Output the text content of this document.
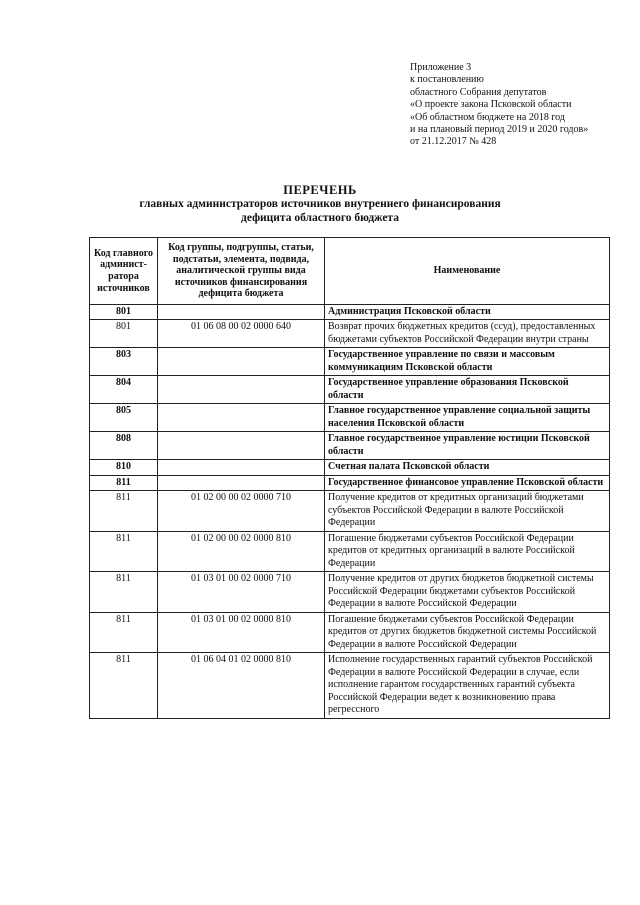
Приложение 3
к постановлению
областного Собрания депутатов
«О проекте закона Псковской области
«Об областном бюджете на 2018 год
и на плановый период 2019 и 2020 годов»
от 21.12.2017 № 428
ПЕРЕЧЕНЬ
главных администраторов источников внутреннего финансирования
дефицита областного бюджета
Код главного админист-ратора источников	Код группы, подгруппы, статьи, подстатьи, элемента, подвида, аналитической группы вида источников финансирования дефицита бюджета	Наименование
801		Администрация Псковской области
801	01 06 08 00 02 0000 640	Возврат прочих бюджетных кредитов (ссуд), предоставленных бюджетами субъектов Российской Федерации внутри страны
803		Государственное управление по связи и массовым коммуникациям Псковской области
804		Государственное управление образования Псковской области
805		Главное государственное управление социальной защиты населения Псковской области
808		Главное государственное управление юстиции Псковской области
810		Счетная палата Псковской области
811		Государственное финансовое управление Псковской области
811	01 02 00 00 02 0000 710	Получение кредитов от кредитных организаций бюджетами субъектов Российской Федерации в валюте Российской Федерации
811	01 02 00 00 02 0000 810	Погашение бюджетами субъектов Российской Федерации кредитов от кредитных организаций в валюте Российской Федерации
811	01 03 01 00 02 0000 710	Получение кредитов от других бюджетов бюджетной системы Российской Федерации бюджетами субъектов Российской Федерации в валюте Российской Федерации
811	01 03 01 00 02 0000 810	Погашение бюджетами субъектов Российской Федерации кредитов от других бюджетов бюджетной системы Российской Федерации в валюте Российской Федерации
811	01 06 04 01 02 0000 810	Исполнение государственных гарантий субъектов Российской Федерации в валюте Российской Федерации в случае, если исполнение гарантом государственных гарантий субъекта Российской Федерации ведет к возникновению права регрессного
